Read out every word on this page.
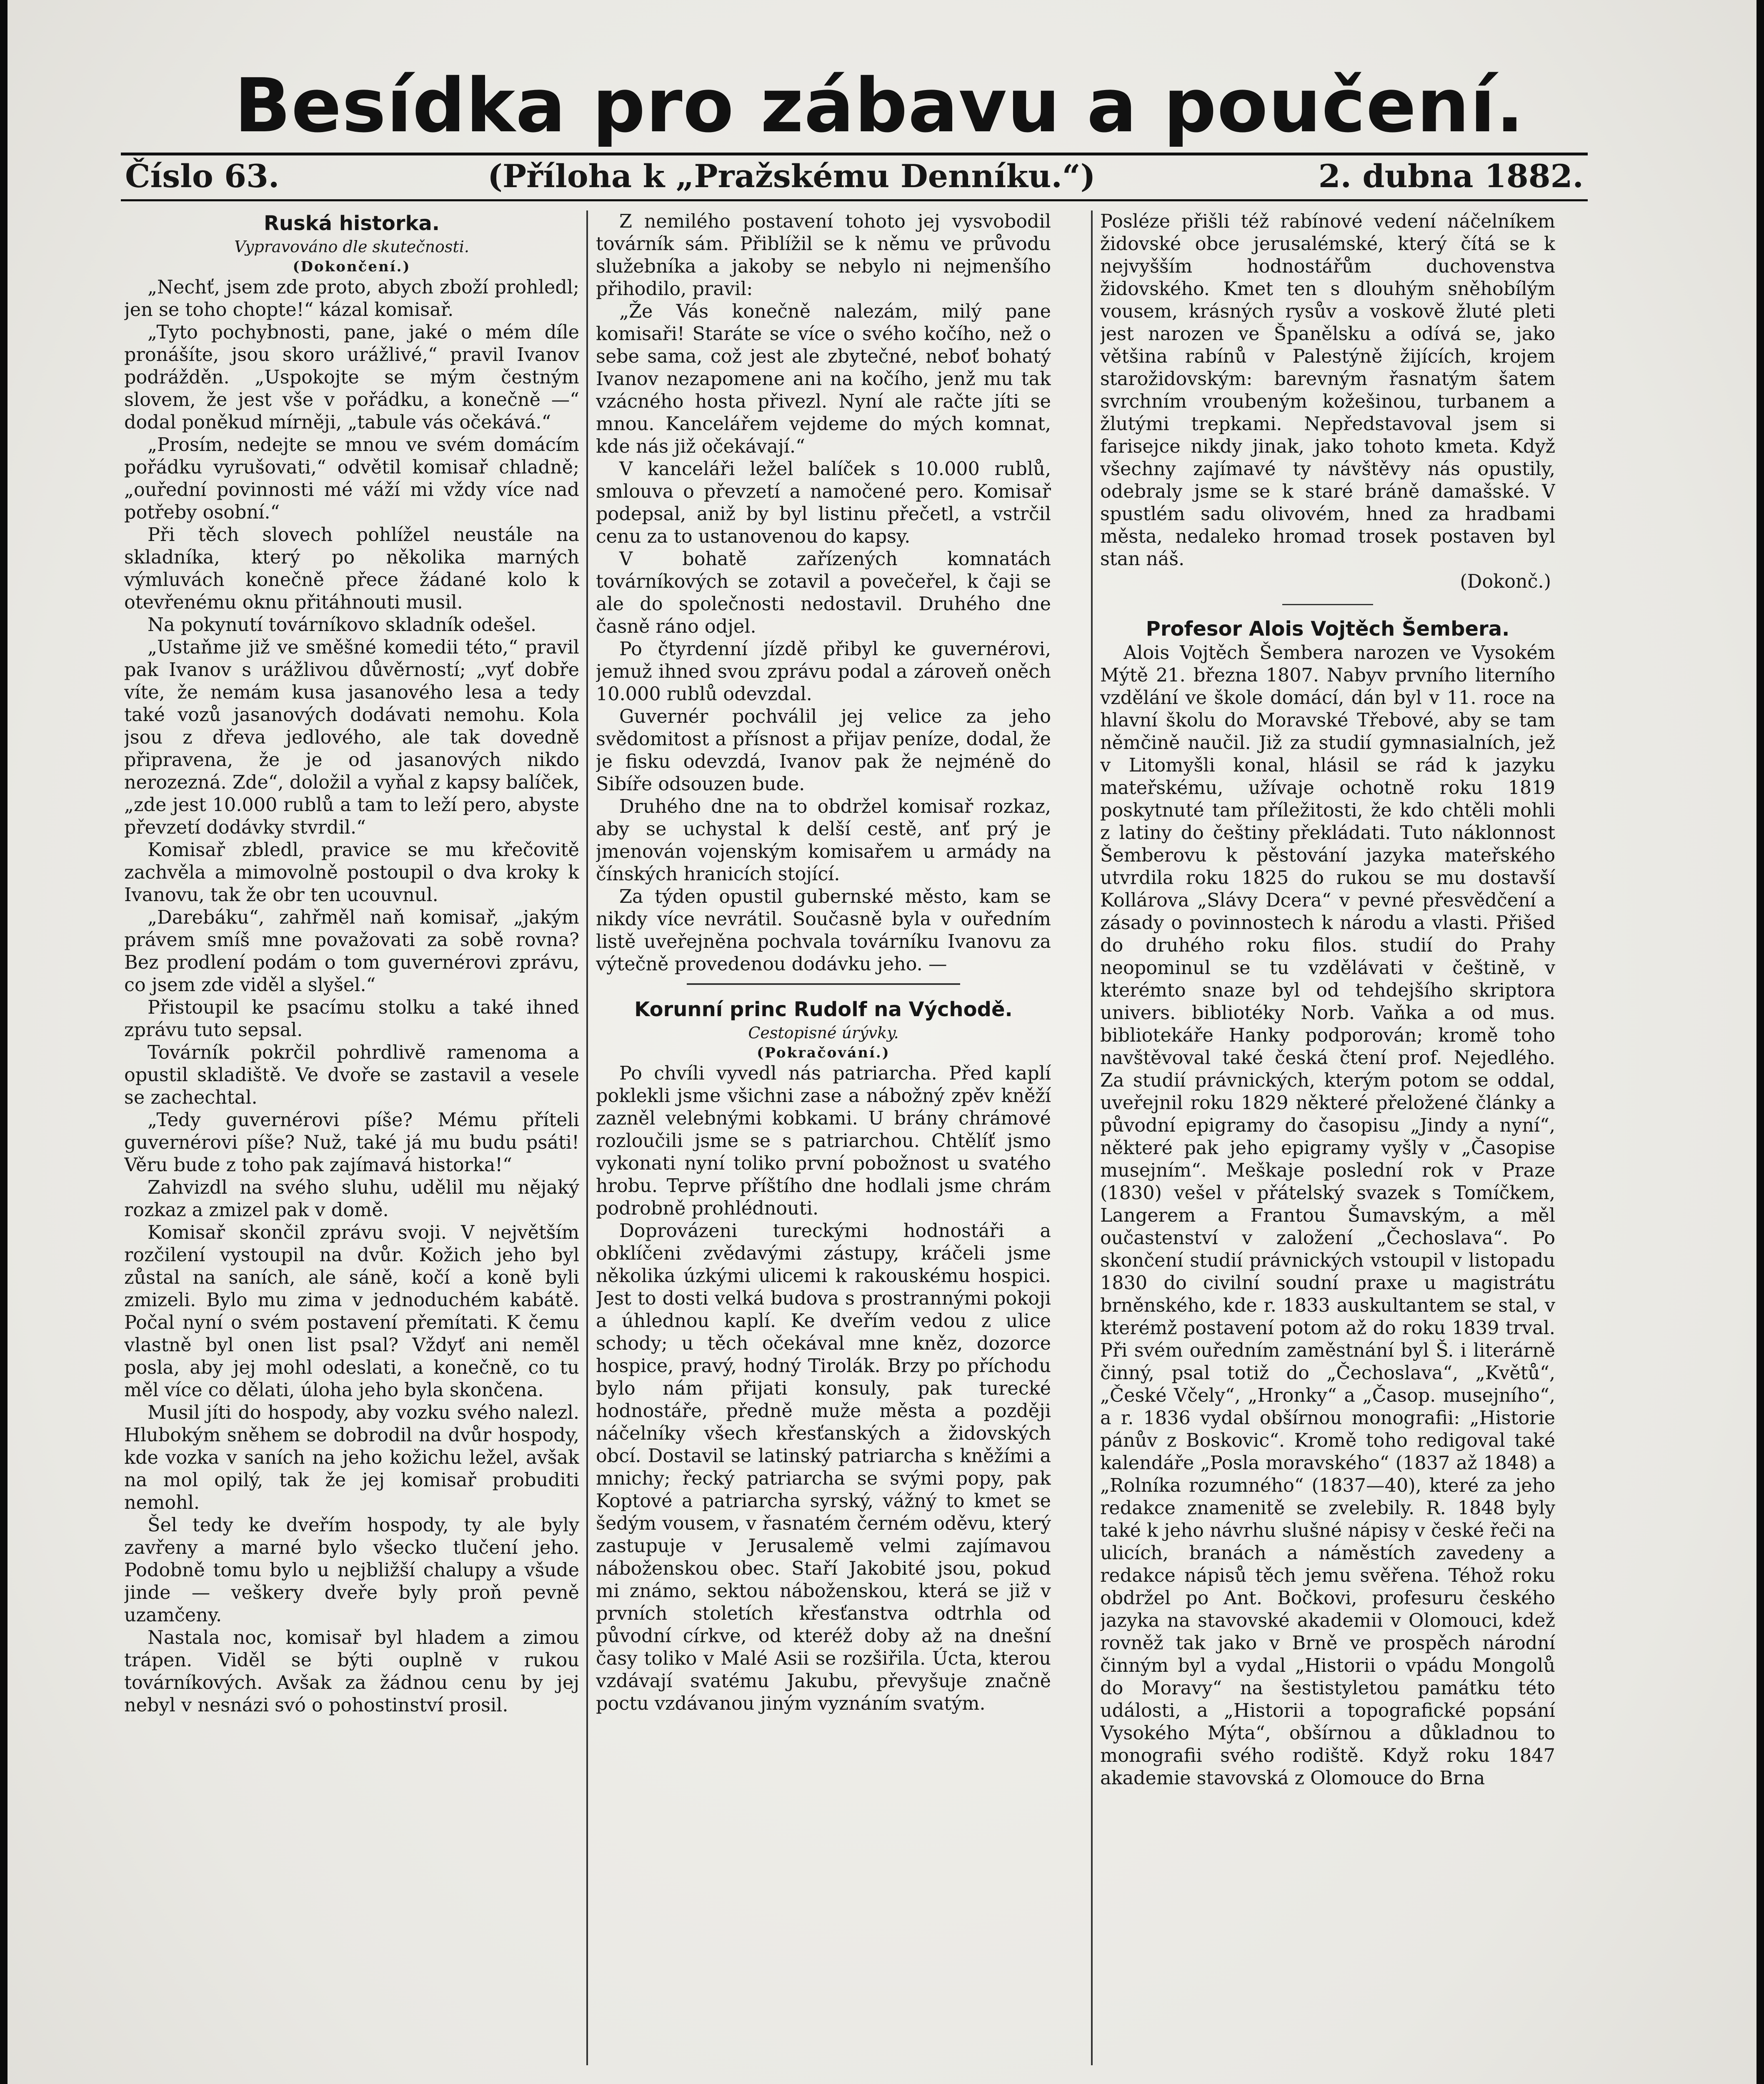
Besídka pro zábavu a poučení.
Číslo 63.	(Příloha k „Pražskému Denníku.“)	2. dubna 1882.
Ruská historka.
Vypravováno dle skutečnosti.
(Dokončení.)

„Nechť, jsem zde proto, abych zboží prohledl; jen se toho chopte!“ kázal komisař.

„Tyto pochybnosti, pane, jaké o mém díle pronášíte, jsou skoro urážlivé,“ pravil Ivanov podrážděn. „Uspokojte se mým čestným slovem, že jest vše v pořádku, a konečně —“ dodal poněkud mírněji, „tabule vás očekává.“

„Prosím, nedejte se mnou ve svém domácím pořádku vyrušovati,“ odvětil komisař chladně; „ouřední povinnosti mé váží mi vždy více nad potřeby osobní.“

Při těch slovech pohlížel neustále na skladníka, který po několika marných výmluvách konečně přece žádané kolo k otevřenému oknu přitáhnouti musil.

Na pokynutí továrníkovo skladník odešel.

„Ustaňme již ve směšné komedii této,“ pravil pak Ivanov s urážlivou důvěrností; „vyť dobře víte, že nemám kusa jasanového lesa a tedy také vozů jasanových dodávati nemohu. Kola jsou z dřeva jedlového, ale tak dovedně připravena, že je od jasanových nikdo nerozezná. Zde“, doložil a vyňal z kapsy balíček, „zde jest 10.000 rublů a tam to leží pero, abyste převzetí dodávky stvrdil.“

Komisař zbledl, pravice se mu křečovitě zachvěla a mimovolně postoupil o dva kroky k Ivanovu, tak že obr ten ucouvnul.

„Darebáku“, zahřměl naň komisař, „jakým právem smíš mne považovati za sobě rovna? Bez prodlení podám o tom guvernérovi zprávu, co jsem zde viděl a slyšel.“

Přistoupil ke psacímu stolku a také ihned zprávu tuto sepsal.

Továrník pokrčil pohrdlivě ramenoma a opustil skladiště. Ve dvoře se zastavil a vesele se zachechtal.

„Tedy guvernérovi píše? Mému příteli guvernérovi píše? Nuž, také já mu budu psáti! Věru bude z toho pak zajímavá historka!“

Zahvizdl na svého sluhu, udělil mu nějaký rozkaz a zmizel pak v domě.

Komisař skončil zprávu svoji. V největším rozčilení vystoupil na dvůr. Kožich jeho byl zůstal na saních, ale sáně, kočí a koně byli zmizeli. Bylo mu zima v jednoduchém kabátě. Počal nyní o svém postavení přemítati. K čemu vlastně byl onen list psal? Vždyť ani neměl posla, aby jej mohl odeslati, a konečně, co tu měl více co dělati, úloha jeho byla skončena.

Musil jíti do hospody, aby vozku svého nalezl. Hlubokým sněhem se dobrodil na dvůr hospody, kde vozka v saních na jeho kožichu ležel, avšak na mol opilý, tak že jej komisař probuditi nemohl.

Šel tedy ke dveřím hospody, ty ale byly zavřeny a marné bylo všecko tlučení jeho. Podobně tomu bylo u nejbližší chalupy a všude jinde — veškery dveře byly proň pevně uzamčeny.

Nastala noc, komisař byl hladem a zimou trápen. Viděl se býti ouplně v rukou továrníkových. Avšak za žádnou cenu by jej nebyl v nesnázi svó o pohostinství prosil.

Z nemilého postavení tohoto jej vysvobodil továrník sám. Přiblížil se k němu ve průvodu služebníka a jakoby se nebylo ni nejmenšího přihodilo, pravil:

„Že Vás konečně nalezám, milý pane komisaři! Staráte se více o svého kočího, než o sebe sama, což jest ale zbytečné, neboť bohatý Ivanov nezapomene ani na kočího, jenž mu tak vzácného hosta přivezl. Nyní ale račte jíti se mnou. Kancelářem vejdeme do mých komnat, kde nás již očekávají.“

V kanceláři ležel balíček s 10.000 rublů, smlouva o převzetí a namočené pero. Komisař podepsal, aniž by byl listinu přečetl, a vstrčil cenu za to ustanovenou do kapsy.

V bohatě zařízených komnatách továrníkových se zotavil a povečeřel, k čaji se ale do společnosti nedostavil. Druhého dne časně ráno odjel.

Po čtyrdenní jízdě přibyl ke guvernérovi, jemuž ihned svou zprávu podal a zároveň oněch 10.000 rublů odevzdal.

Guvernér pochválil jej velice za jeho svědomitost a přísnost a přijav peníze, dodal, že je fisku odevzdá, Ivanov pak že nejméně do Sibíře odsouzen bude.

Druhého dne na to obdržel komisař rozkaz, aby se uchystal k delší cestě, anť prý je jmenován vojenským komisařem u armády na čínských hranicích stojící.

Za týden opustil gubernské město, kam se nikdy více nevrátil. Současně byla v ouředním listě uveřejněna pochvala továrníku Ivanovu za výtečně provedenou dodávku jeho. —

Korunní princ Rudolf na Východě.
Cestopisné úrývky.
(Pokračování.)

Po chvíli vyvedl nás patriarcha. Před kaplí poklekli jsme všichni zase a nábožný zpěv kněží zazněl velebnými kobkami. U brány chrámové rozloučili jsme se s patriarchou. Chtělíť jsmo vykonati nyní toliko první pobožnost u svatého hrobu. Teprve příštího dne hodlali jsme chrám podrobně prohlédnouti.

Doprovázeni tureckými hodnostáři a obklíčeni zvědavými zástupy, kráčeli jsme několika úzkými ulicemi k rakouskému hospici. Jest to dosti velká budova s prostrannými pokoji a úhlednou kaplí. Ke dveřím vedou z ulice schody; u těch očekával mne kněz, dozorce hospice, pravý, hodný Tirolák. Brzy po příchodu bylo nám přijati konsuly, pak turecké hodnostáře, předně muže města a později náčelníky všech křesťanských a židovských obcí. Dostavil se latinský patriarcha s kněžími a mnichy; řecký patriarcha se svými popy, pak Koptové a patriarcha syrský, vážný to kmet se šedým vousem, v řasnatém černém oděvu, který zastupuje v Jerusalemě velmi zajímavou náboženskou obec. Staří Jakobité jsou, pokud mi známo, sektou náboženskou, která se již v prvních stoletích křesťanstva odtrhla od původní církve, od kteréž doby až na dnešní časy toliko v Malé Asii se rozšiřila. Úcta, kterou vzdávají svatému Jakubu, převyšuje značně poctu vzdávanou jiným vyznáním svatým.

Posléze přišli též rabínové vedení náčelníkem židovské obce jerusalémské, který čítá se k nejvyšším hodnostářům duchovenstva židovského. Kmet ten s dlouhým sněhobílým vousem, krásných rysův a voskově žluté pleti jest narozen ve Španělsku a odívá se, jako většina rabínů v Palestýně žijících, krojem starožidovským: barevným řasnatým šatem svrchním vroubeným kožešinou, turbanem a žlutými trepkami. Nepředstavoval jsem si farisejce nikdy jinak, jako tohoto kmeta. Když všechny zajímavé ty návštěvy nás opustily, odebraly jsme se k staré bráně damašské. V spustlém sadu olivovém, hned za hradbami města, nedaleko hromad trosek postaven byl stan náš.

(Dokonč.)

Profesor Alois Vojtěch Šembera.

Alois Vojtěch Šembera narozen ve Vysokém Mýtě 21. března 1807. Nabyv prvního literního vzdělání ve škole domácí, dán byl v 11. roce na hlavní školu do Moravské Třebové, aby se tam němčině naučil. Již za studií gymnasialních, jež v Litomyšli konal, hlásil se rád k jazyku mateřskému, užívaje ochotně roku 1819 poskytnuté tam příležitosti, že kdo chtěli mohli z latiny do češtiny překládati. Tuto náklonnost Šemberovu k pěstování jazyka mateřského utvrdila roku 1825 do rukou se mu dostavší Kollárova „Slávy Dcera“ v pevné přesvědčení a zásady o povinnostech k národu a vlasti. Přišed do druhého roku filos. studií do Prahy neopominul se tu vzdělávati v češtině, v kterémto snaze byl od tehdejšího skriptora univers. bibliotéky Norb. Vaňka a od mus. bibliotekáře Hanky podporován; kromě toho navštěvoval také česká čtení prof. Nejedlého. Za studií právnických, kterým potom se oddal, uveřejnil roku 1829 některé přeložené články a původní epigramy do časopisu „Jindy a nyní“, některé pak jeho epigramy vyšly v „Časopise musejním“. Meškaje poslední rok v Praze (1830) vešel v přátelský svazek s Tomíčkem, Langerem a Frantou Šumavským, a měl oučastenství v založení „Čechoslava“. Po skončení studií právnických vstoupil v listopadu 1830 do civilní soudní praxe u magistrátu brněnského, kde r. 1833 auskultantem se stal, v kterémž postavení potom až do roku 1839 trval. Při svém ouředním zaměstnání byl Š. i literárně činný, psal totiž do „Čechoslava“, „Květů“, „České Včely“, „Hronky“ a „Časop. musejního“, a r. 1836 vydal obšírnou monografii: „Historie pánův z Boskovic“. Kromě toho redigoval také kalendáře „Posla moravského“ (1837 až 1848) a „Rolníka rozumného“ (1837—40), které za jeho redakce znamenitě se zvelebily. R. 1848 byly také k jeho návrhu slušné nápisy v české řeči na ulicích, branách a náměstích zavedeny a redakce nápisů těch jemu svěřena. Téhož roku obdržel po Ant. Bočkovi, profesuru českého jazyka na stavovské akademii v Olomouci, kdež rovněž tak jako v Brně ve prospěch národní činným byl a vydal „Historii o vpádu Mongolů do Moravy“ na šestistyletou památku této události, a „Historii a topografické popsání Vysokého Mýta“, obšírnou a důkladnou to monografii svého rodiště. Když roku 1847 akademie stavovská z Olomouce do Brna
